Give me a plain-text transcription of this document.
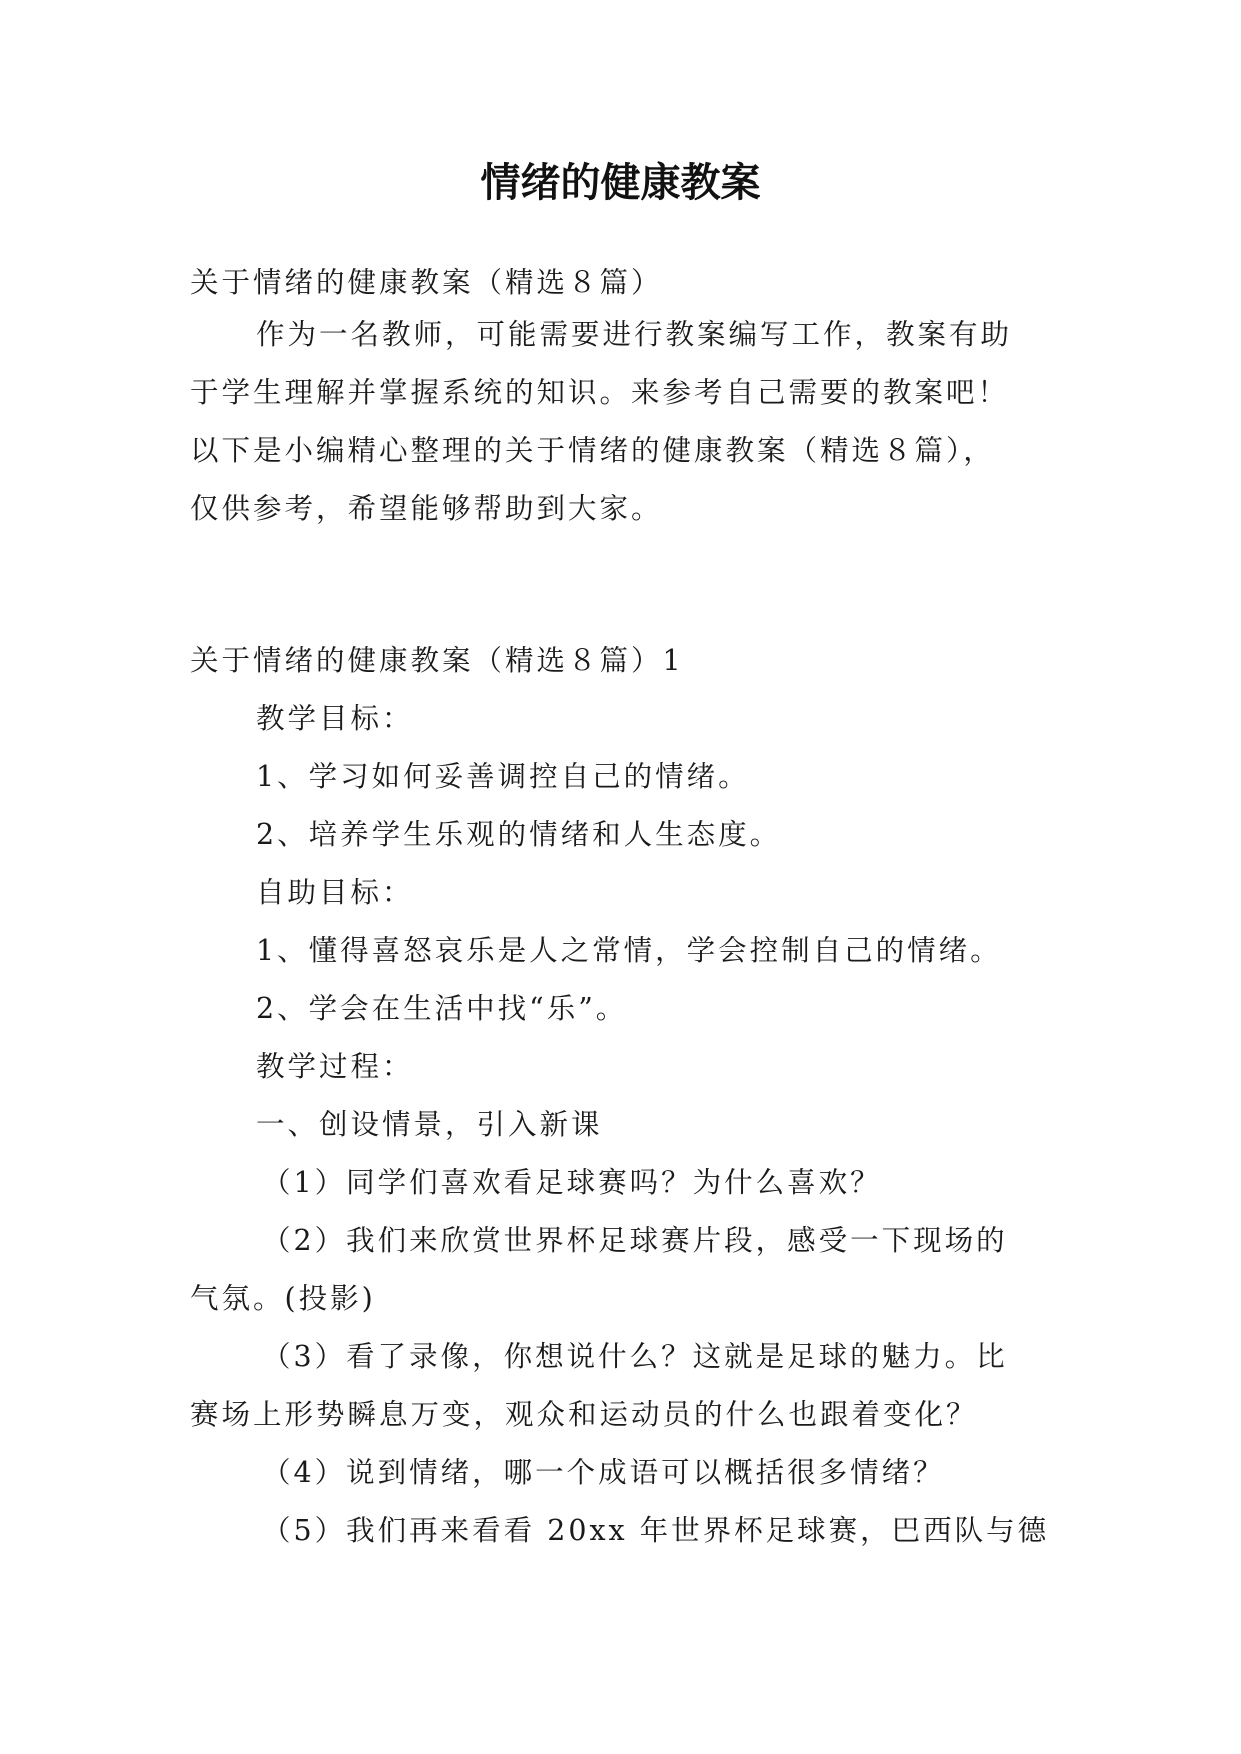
情绪的健康教案

关于情绪的健康教案（精选８篇）

作为一名教师，可能需要进行教案编写工作，教案有助
于学生理解并掌握系统的知识。来参考自己需要的教案吧！
以下是小编精心整理的关于情绪的健康教案（精选８篇），
仅供参考，希望能够帮助到大家。

关于情绪的健康教案（精选８篇）1

教学目标：
1、学习如何妥善调控自己的情绪。
2、培养学生乐观的情绪和人生态度。
自助目标：
1、懂得喜怒哀乐是人之常情，学会控制自己的情绪。
2、学会在生活中找“乐”。
教学过程：
一、创设情景，引入新课
（1）同学们喜欢看足球赛吗？为什么喜欢？
（2）我们来欣赏世界杯足球赛片段，感受一下现场的
气氛。(投影)
（3）看了录像，你想说什么？这就是足球的魅力。比
赛场上形势瞬息万变，观众和运动员的什么也跟着变化？
（4）说到情绪，哪一个成语可以概括很多情绪？
（5）我们再来看看 20xx 年世界杯足球赛，巴西队与德
